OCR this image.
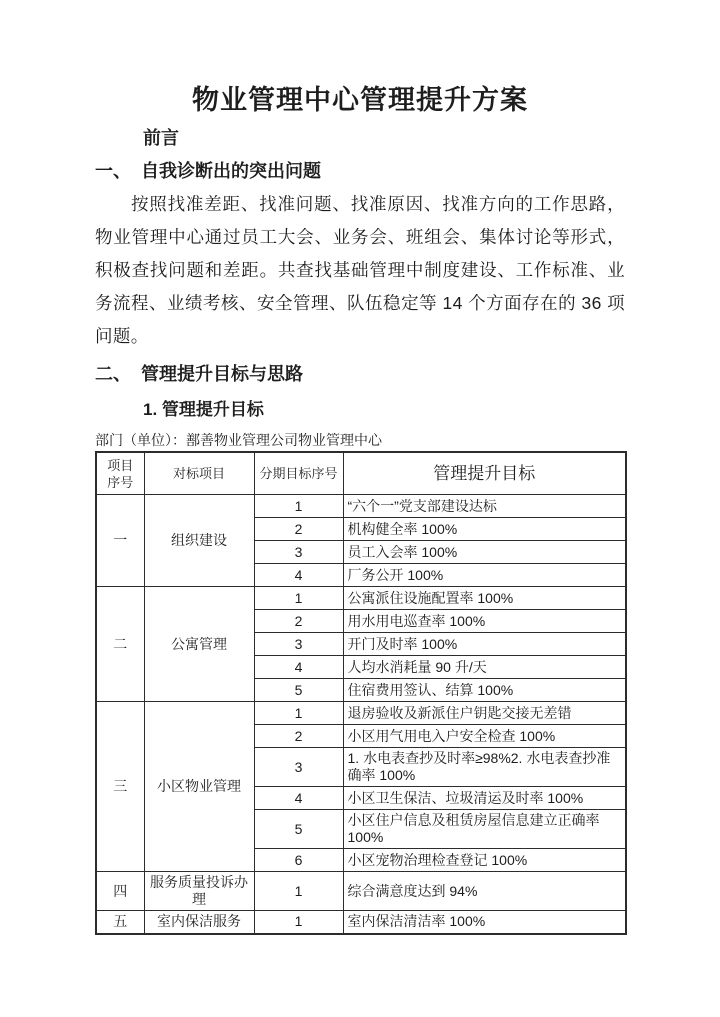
物业管理中心管理提升方案
前言
一、 自我诊断出的突出问题
按照找准差距、找准问题、找准原因、找准方向的工作思路，物业管理中心通过员工大会、业务会、班组会、集体讨论等形式，积极查找问题和差距。共查找基础管理中制度建设、工作标准、业务流程、业绩考核、安全管理、队伍稳定等 14 个方面存在的 36 项问题。
二、 管理提升目标与思路
1. 管理提升目标
部门（单位）：鄯善物业管理公司物业管理中心
项目 序号	对标项目	分期目标序号	管理提升目标
一	组织建设	1	“六个一”党支部建设达标
		2	机构健全率 100%
		3	员工入会率 100%
		4	厂务公开 100%
二	公寓管理	1	公寓派住设施配置率 100%
		2	用水用电巡查率 100%
		3	开门及时率 100%
		4	人均水消耗量 90 升/天
		5	住宿费用签认、结算 100%
三	小区物业管理	1	退房验收及新派住户钥匙交接无差错
		2	小区用气用电入户安全检查 100%
		3	1. 水电表查抄及时率≥98%2. 水电表查抄准确率 100%
		4	小区卫生保洁、垃圾清运及时率 100%
		5	小区住户信息及租赁房屋信息建立正确率 100%
		6	小区宠物治理检查登记 100%
四	服务质量投诉办理	1	综合满意度达到 94%
五	室内保洁服务	1	室内保洁清洁率 100%
